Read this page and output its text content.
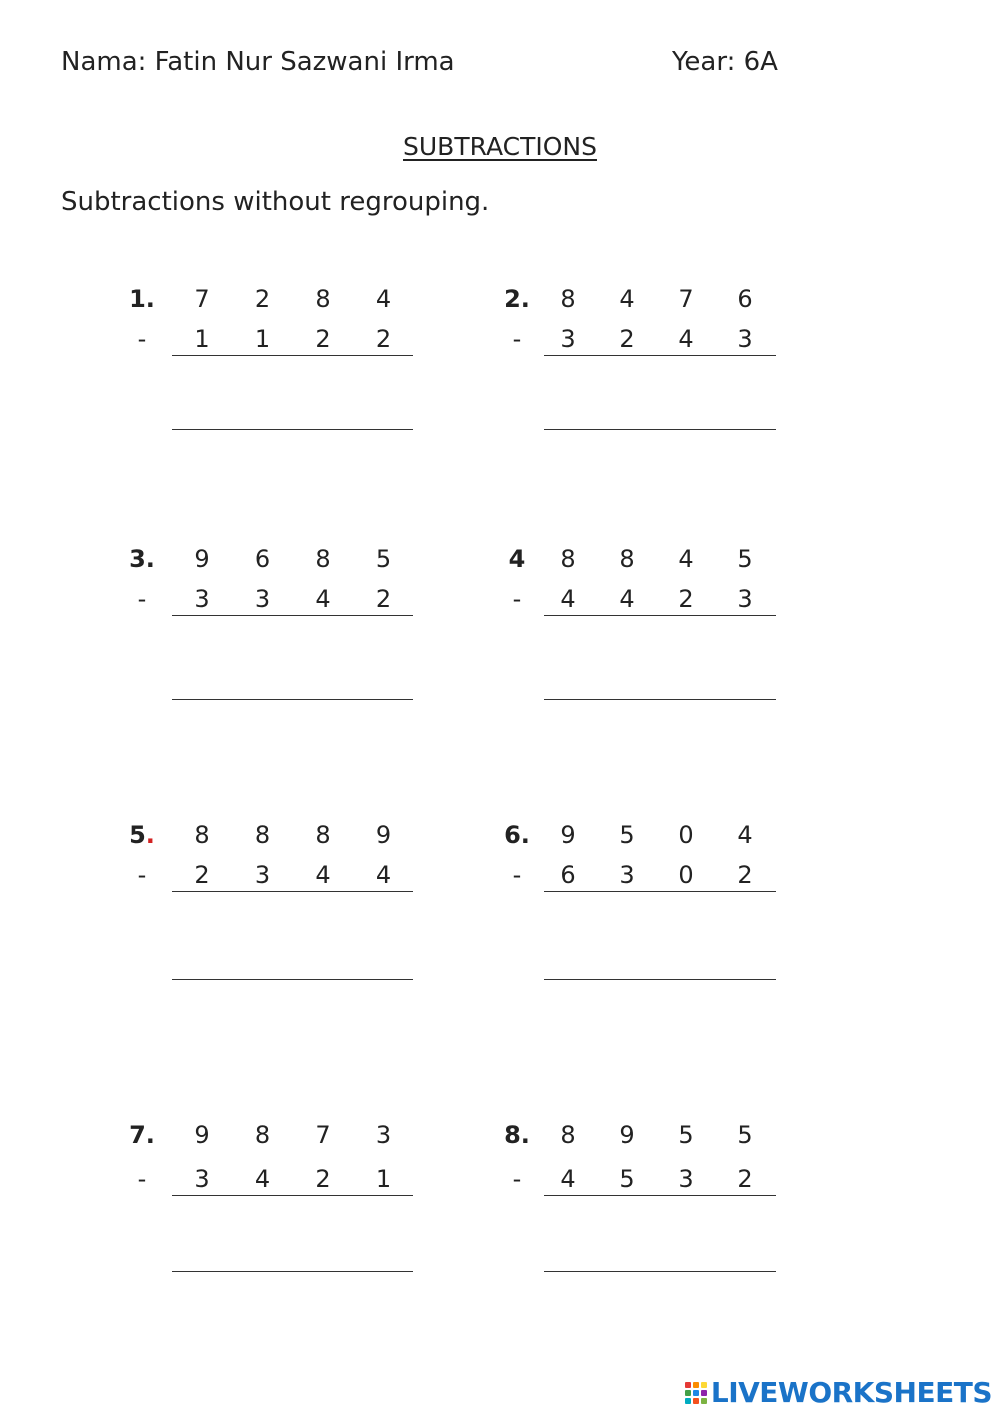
Nama: Fatin Nur Sazwani Irma	Year: 6A
SUBTRACTIONS
Subtractions without regrouping.
1.	7	2	8	4
-	1	1	2	2
2.	8	4	7	6
-	3	2	4	3
3.	9	6	8	5
-	3	3	4	2
4	8	8	4	5
-	4	4	2	3
5.	8	8	8	9
-	2	3	4	4
6.	9	5	0	4
-	6	3	0	2
7.	9	8	7	3
-	3	4	2	1
8.	8	9	5	5
-	4	5	3	2
LIVEWORKSHEETS
